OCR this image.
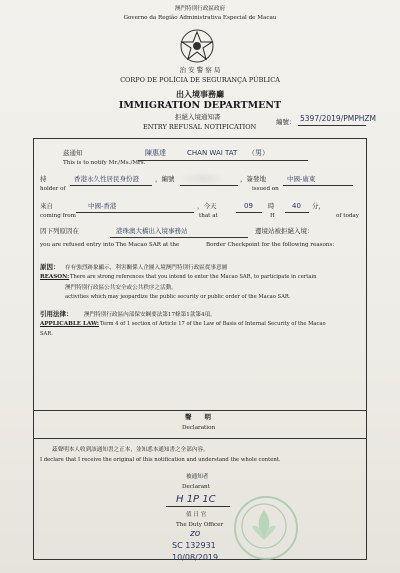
澳門特別行政區政府
Governo da Região Administrativa Especial de Macau
治 安 警 察 局
CORPO DE POLÍCIA DE SEGURANÇA PÚBLICA
出入境事務廳
IMMIGRATION DEPARTMENT
拒絕入境通知書
ENTRY REFUSAL NOTIFICATION
編號： 5397/2019/PMPHZM
茲通知
This is to notify Mr./Ms./Mrs.
陳惠達	CHAN WAI TAT （男）
持
holder of
香港永久性居民身份證 ，編號	，簽發地
issued on
中國-廣東
來自
coming from
中國-香港	，今天
that at
09 時
H
40 分，
of today
因下列原因在	港珠澳大橋出入境事務站	邊境站被拒絕入境：
you are refused entry into The Macao SAR at the	Border Checkpoint for the following reasons:
原因： 存有強烈跡象顯示，利害關係人企圖入境澳門特別行政區從事意圖
REASON: There are strong references that you intend to enter the Macao SAR, to participate in certain
澳門特別行政區公共安全或公共秩序之活動。
activities which may jeopardize the public security or public order of the Macao SAR.
引用法律： 澳門特別行政區內部保安綱要法第17條第1款第4項。
APPLICABLE LAW: Term 4 of 1 section of Article 17 of the Law of Basis of Internal Security of the Macao
SAR.
聲　　明
Declaration
茲聲明本人收到該通知書之正本，並知悉本通知書之全部內容。
I declare that I receive the original of this notification and understand the whole content.
被通知者
Declarant
H 1P 1C
值 日 官
The Duty Officer
zo
SC 132931
10/08/2019
